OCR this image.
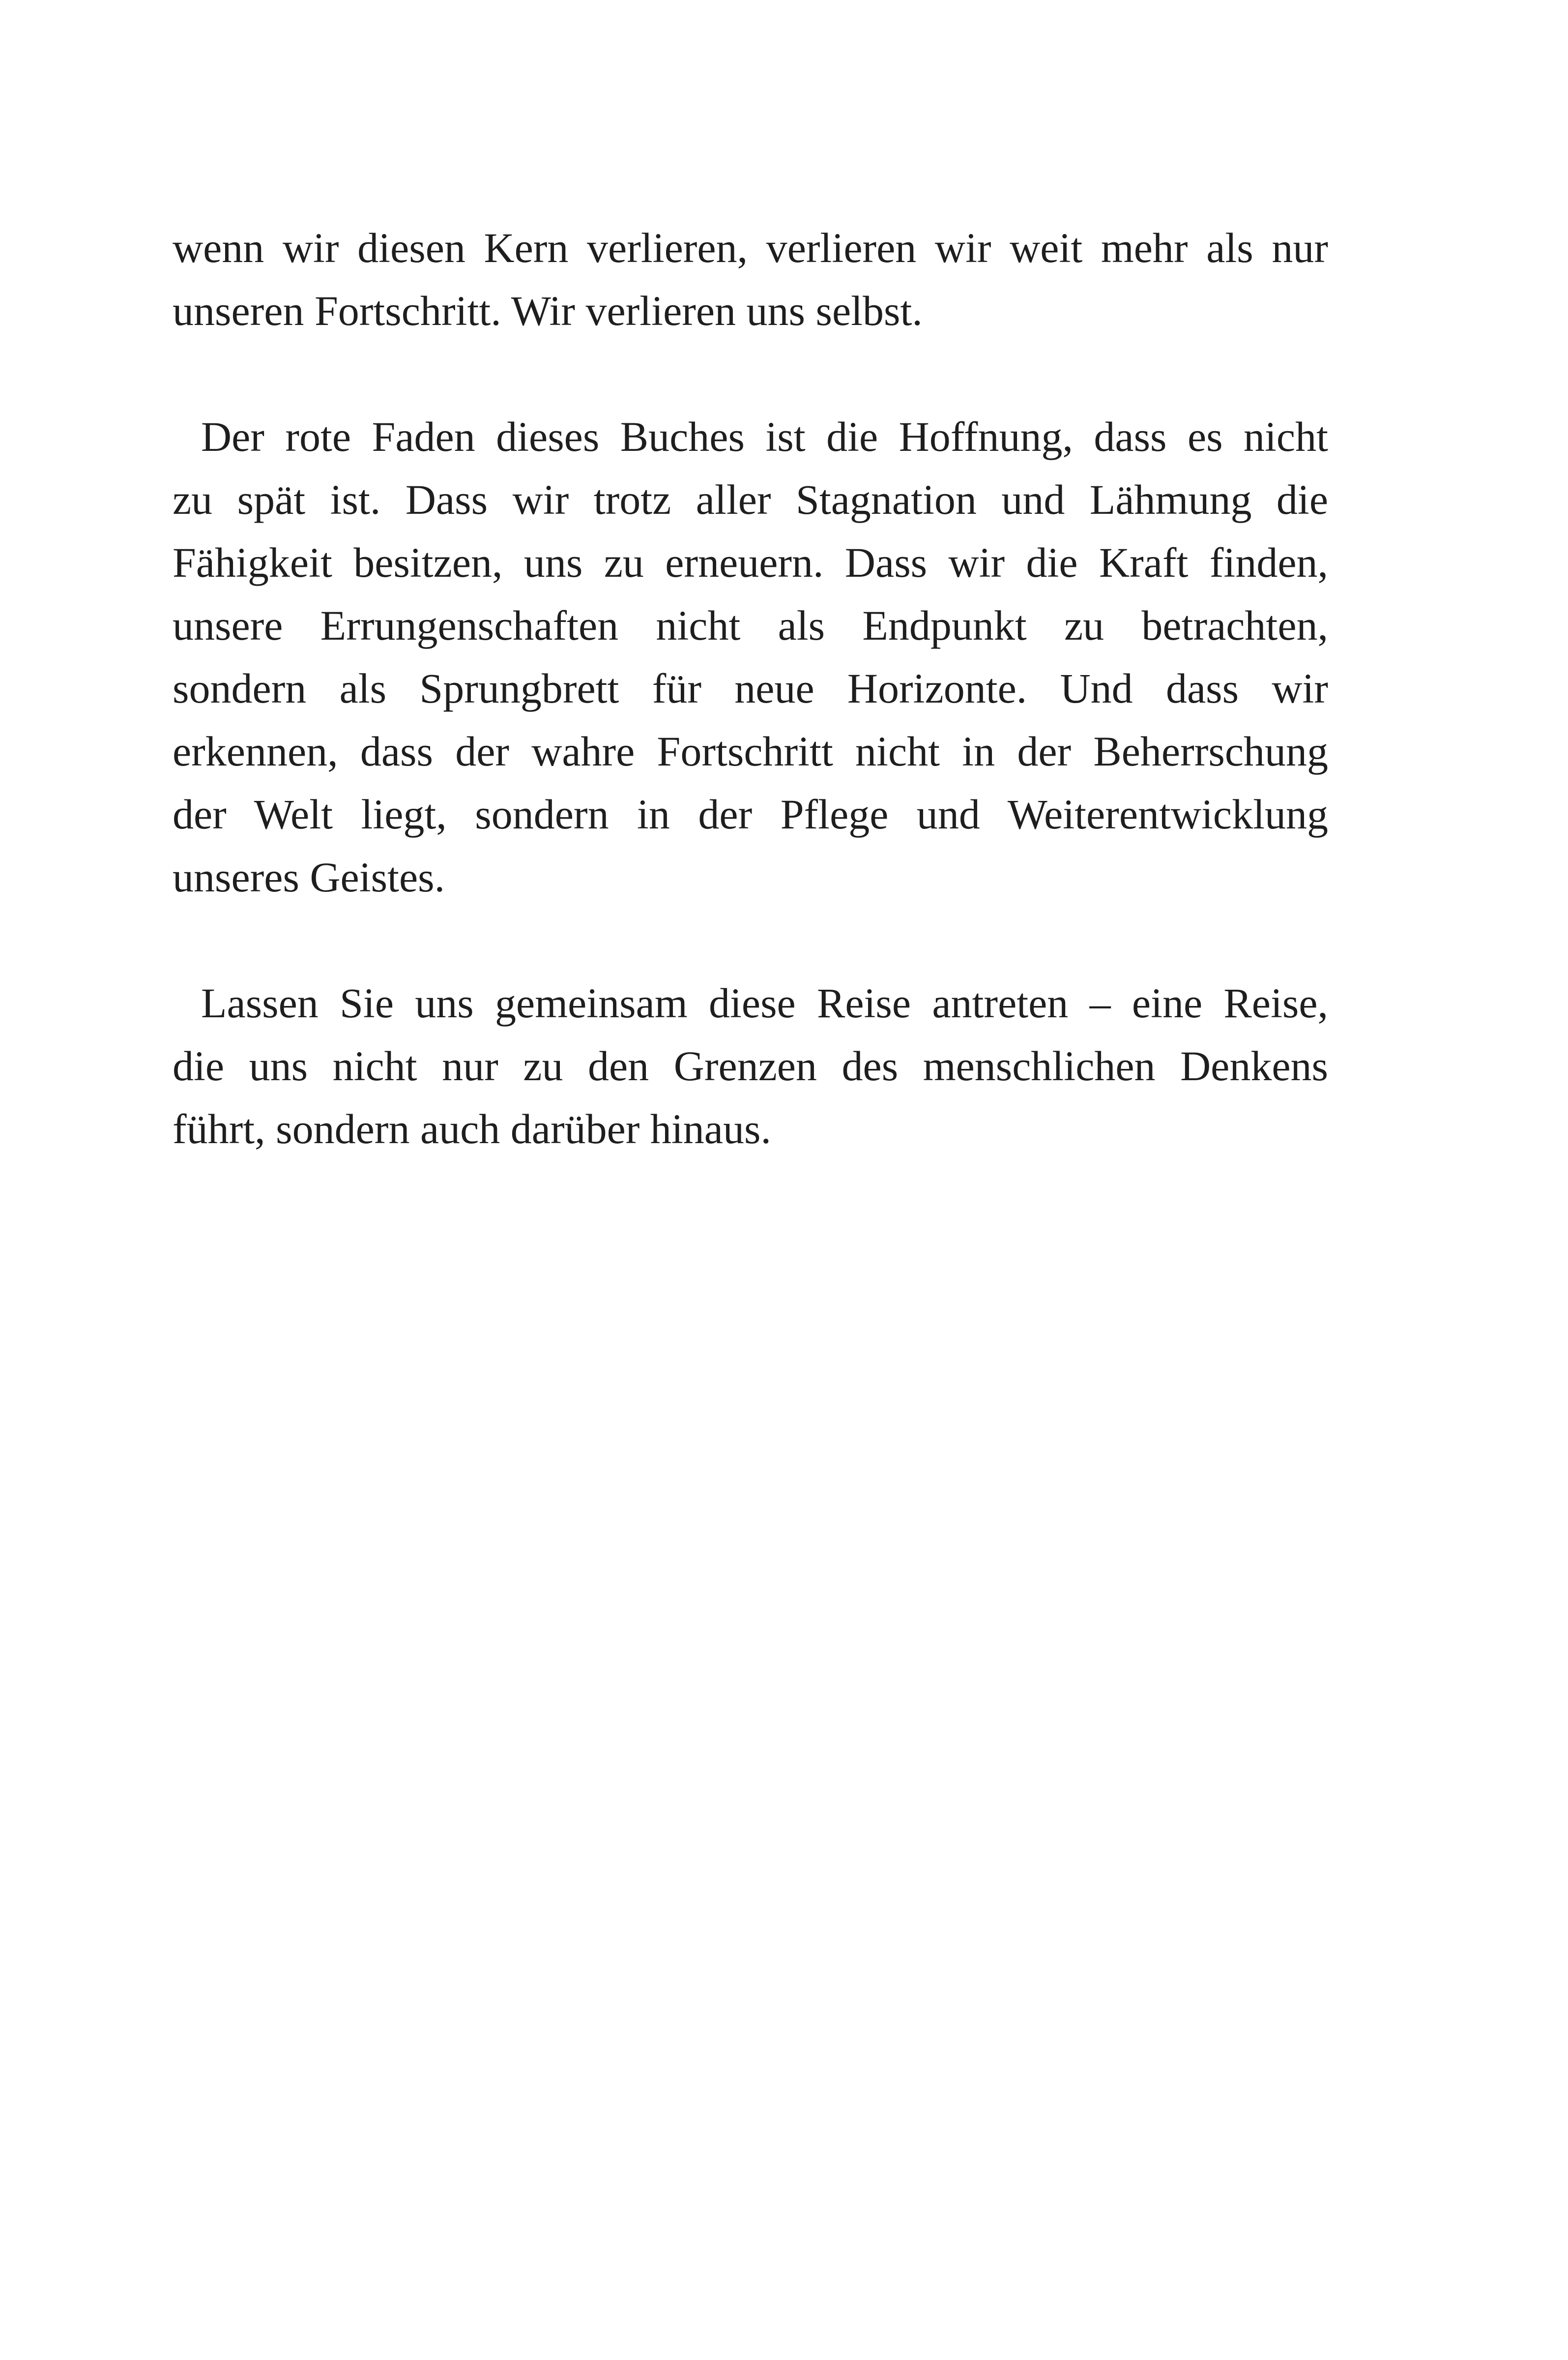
wenn wir diesen Kern verlieren, verlieren wir weit mehr als nur
unseren Fortschritt. Wir verlieren uns selbst.

Der rote Faden dieses Buches ist die Hoffnung, dass es nicht
zu spät ist. Dass wir trotz aller Stagnation und Lähmung die
Fähigkeit besitzen, uns zu erneuern. Dass wir die Kraft finden,
unsere Errungenschaften nicht als Endpunkt zu betrachten,
sondern als Sprungbrett für neue Horizonte. Und dass wir
erkennen, dass der wahre Fortschritt nicht in der Beherrschung
der Welt liegt, sondern in der Pflege und Weiterentwicklung
unseres Geistes.

Lassen Sie uns gemeinsam diese Reise antreten – eine Reise,
die uns nicht nur zu den Grenzen des menschlichen Denkens
führt, sondern auch darüber hinaus.
